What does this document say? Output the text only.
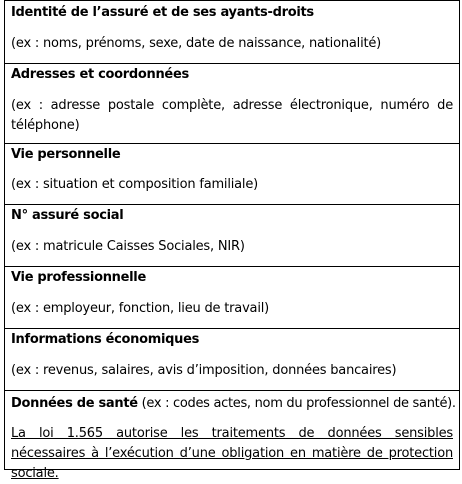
Identité de l’assuré et de ses ayants-droits
(ex : noms, prénoms, sexe, date de naissance, nationalité)

Adresses et coordonnées
(ex : adresse postale complète, adresse électronique, numéro de téléphone)

Vie personnelle
(ex : situation et composition familiale)

N° assuré social
(ex : matricule Caisses Sociales, NIR)

Vie professionnelle
(ex : employeur, fonction, lieu de travail)

Informations économiques
(ex : revenus, salaires, avis d’imposition, données bancaires)

Données de santé (ex : codes actes, nom du professionnel de santé).
La loi 1.565 autorise les traitements de données sensibles nécessaires à l’exécution d’une obligation en matière de protection sociale.
